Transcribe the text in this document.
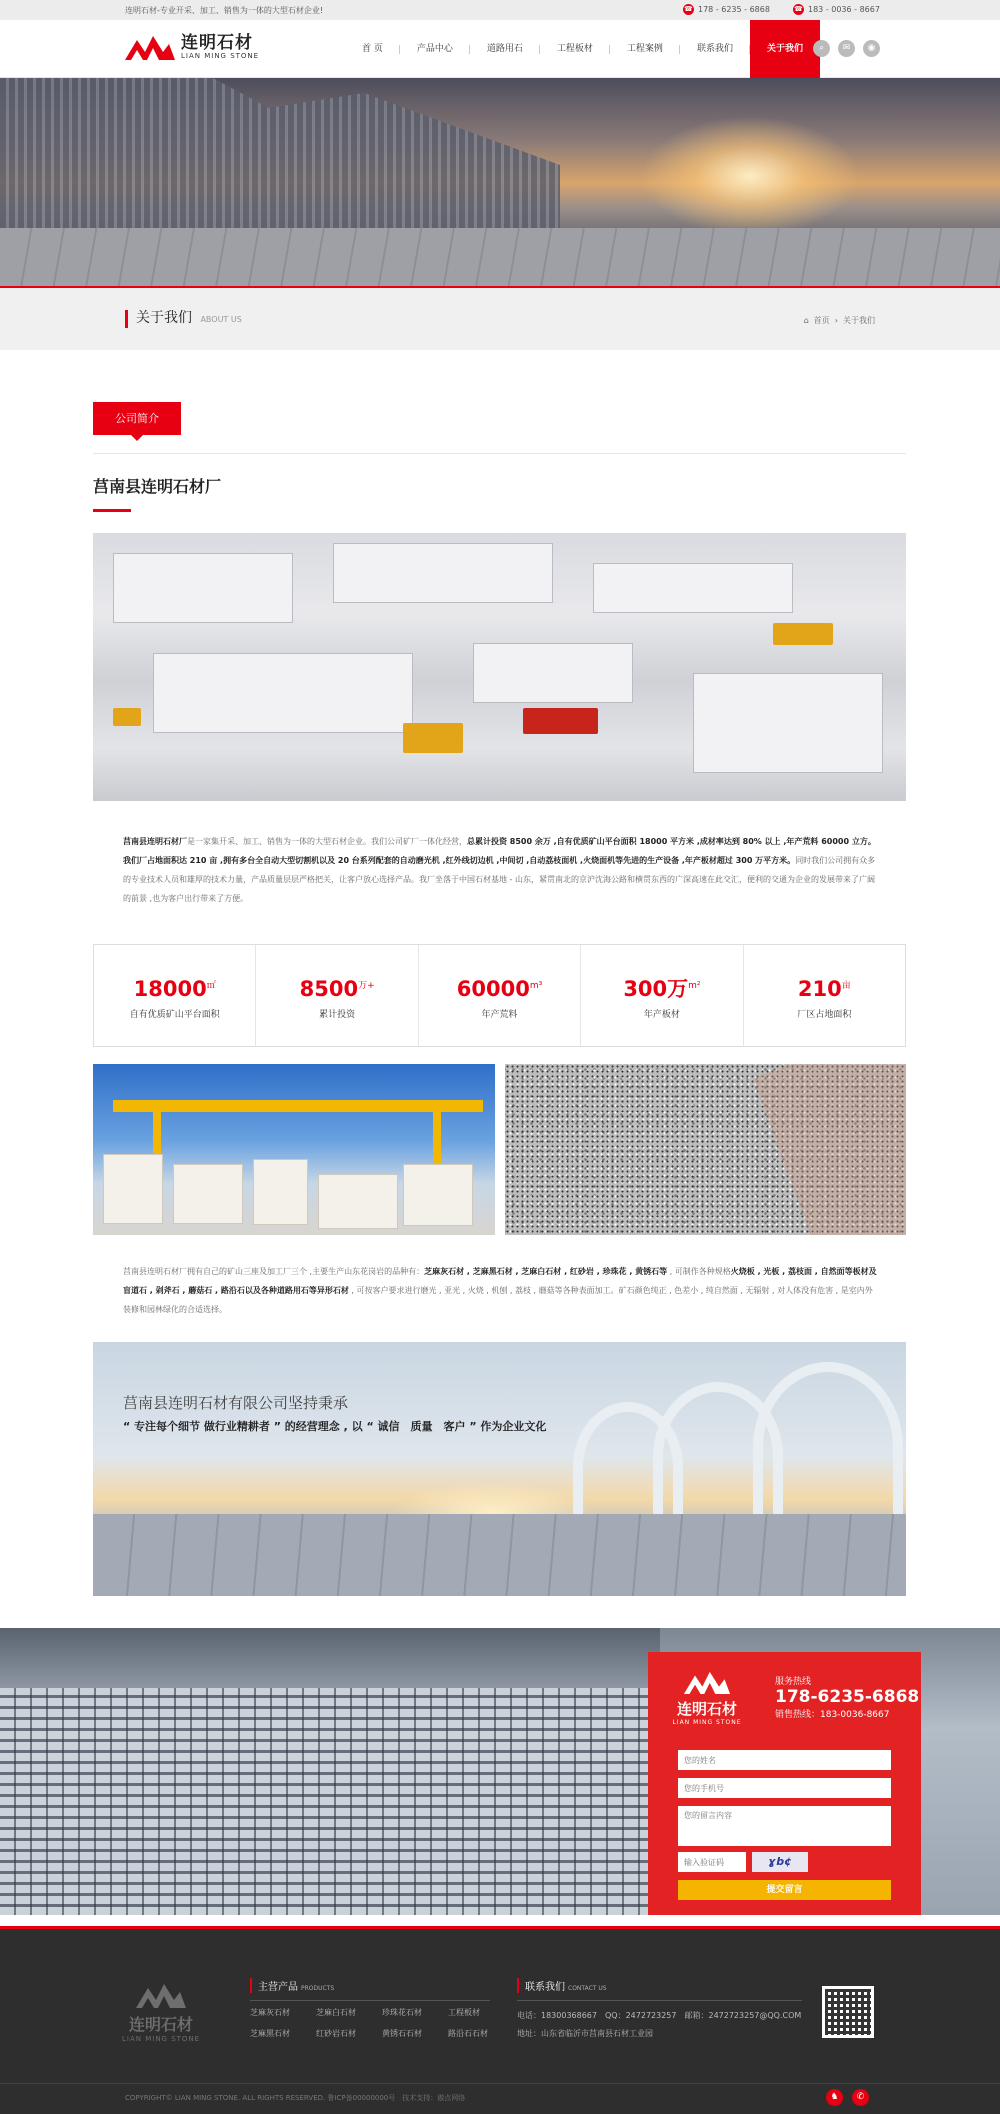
连明石材-专业开采、加工、销售为一体的大型石材企业!	☎ 178 - 6235 - 6868	☎ 183 - 0036 - 8667
连明石材
LIAN MING STONE
首 页	产品中心	道路用石	工程板材	工程案例	联系我们	关于我们	⌕	✉	◉
关于我们 ABOUT US	⌂ 首页 › 关于我们
公司简介
莒南县连明石材厂
莒南县连明石材厂是一家集开采、加工、销售为一体的大型石材企业。我们公司矿厂一体化经营，总累计投资 8500 余万 ,自有优质矿山平台面积 18000 平方米 ,成材率达到 80% 以上 ,年产荒料 60000 立方。我们厂占地面积达 210 亩 ,拥有多台全自动大型切割机以及 20 台系列配套的自动磨光机 ,红外线切边机 ,中间切 ,自动荔枝面机 ,火烧面机等先进的生产设备 ,年产板材超过 300 万平方米。同时我们公司拥有众多的专业技术人员和雄厚的技术力量，产品质量层层严格把关，让客户放心选择产品。我厂坐落于中国石材基地 - 山东，紧贯南北的京沪沈海公路和横贯东西的广深高速在此交汇，便利的交通为企业的发展带来了广阔的前景 ,也为客户出行带来了方便。
18000㎡
自有优质矿山平台面积
$8500^{万+}$
累计投资
$60000^{m^3}$
年产荒料
300万$^{m^2}$
年产板材
$210^亩$
厂区占地面积
莒南县连明石材厂拥有自己的矿山三座及加工厂三个 ,主要生产山东花岗岩的品种有：芝麻灰石材 , 芝麻黑石材 , 芝麻白石材 , 红砂岩 , 珍珠花 , 黄锈石等 , 可制作各种规格火烧板 , 光板 , 荔枝面 , 自然面等板材及盲道石 , 剁斧石 , 蘑菇石 , 路沿石以及各种道路用石等异形石材 , 可按客户要求进行磨光 , 亚光 , 火烧 , 机刨 , 荔枝 , 蘑菇等各种表面加工。矿石颜色纯正 , 色差小 , 纯自然面 , 无辐射 , 对人体没有危害 , 是室内外装修和园林绿化的合适选择。
莒南县连明石材有限公司坚持秉承
“ 专注每个细节 做行业精耕者 ” 的经营理念 , 以 “ 诚信　质量　客户 ” 作为企业文化
连明石材
LIAN MING STONE
服务热线
178-6235-6868
销售热线：183-0036-8667
您的姓名
您的手机号
您的留言内容
输入验证码
ɣb¢
提交留言
连明石材
LIAN MING STONE
主营产品 PRODUCTS
芝麻灰石材	芝麻白石材	珍珠花石材	工程板材
芝麻黑石材	红砂岩石材	黄锈石石材	路沿石石材
联系我们 CONTACT US
电话：18300368667　QQ：2472723257　邮箱：2472723257@QQ.COM
地址：山东省临沂市莒南县石材工业园
COPYRIGHT© LIAN MING STONE. ALL RIGHTS RESERVED. 鲁ICP备00000000号　技术支持：傲点网络	♞	✆
